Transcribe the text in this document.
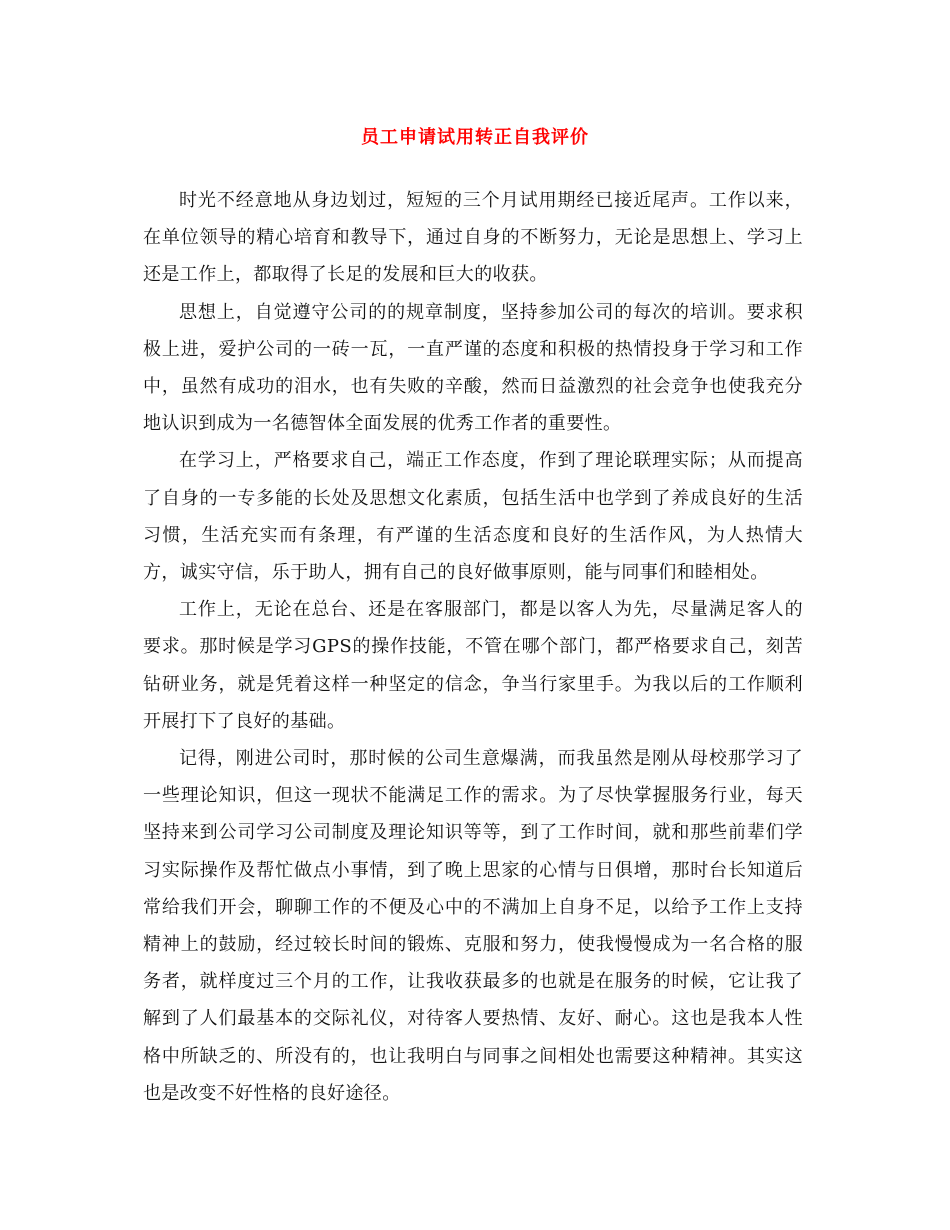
员工申请试用转正自我评价

时光不经意地从身边划过，短短的三个月试用期经已接近尾声。工作以来，在单位领导的精心培育和教导下，通过自身的不断努力，无论是思想上、学习上还是工作上，都取得了长足的发展和巨大的收获。

思想上，自觉遵守公司的的规章制度，坚持参加公司的每次的培训。要求积极上进，爱护公司的一砖一瓦，一直严谨的态度和积极的热情投身于学习和工作中，虽然有成功的泪水，也有失败的辛酸，然而日益激烈的社会竞争也使我充分地认识到成为一名德智体全面发展的优秀工作者的重要性。

在学习上，严格要求自己，端正工作态度，作到了理论联理实际；从而提高了自身的一专多能的长处及思想文化素质，包括生活中也学到了养成良好的生活习惯，生活充实而有条理，有严谨的生活态度和良好的生活作风，为人热情大方，诚实守信，乐于助人，拥有自己的良好做事原则，能与同事们和睦相处。

工作上，无论在总台、还是在客服部门，都是以客人为先，尽量满足客人的要求。那时候是学习GPS的操作技能，不管在哪个部门，都严格要求自己，刻苦钻研业务，就是凭着这样一种坚定的信念，争当行家里手。为我以后的工作顺利开展打下了良好的基础。

记得，刚进公司时，那时候的公司生意爆满，而我虽然是刚从母校那学习了一些理论知识，但这一现状不能满足工作的需求。为了尽快掌握服务行业，每天坚持来到公司学习公司制度及理论知识等等，到了工作时间，就和那些前辈们学习实际操作及帮忙做点小事情，到了晚上思家的心情与日俱增，那时台长知道后常给我们开会，聊聊工作的不便及心中的不满加上自身不足，以给予工作上支持精神上的鼓励，经过较长时间的锻炼、克服和努力，使我慢慢成为一名合格的服务者，就样度过三个月的工作，让我收获最多的也就是在服务的时候，它让我了解到了人们最基本的交际礼仪，对待客人要热情、友好、耐心。这也是我本人性格中所缺乏的、所没有的，也让我明白与同事之间相处也需要这种精神。其实这也是改变不好性格的良好途径。
